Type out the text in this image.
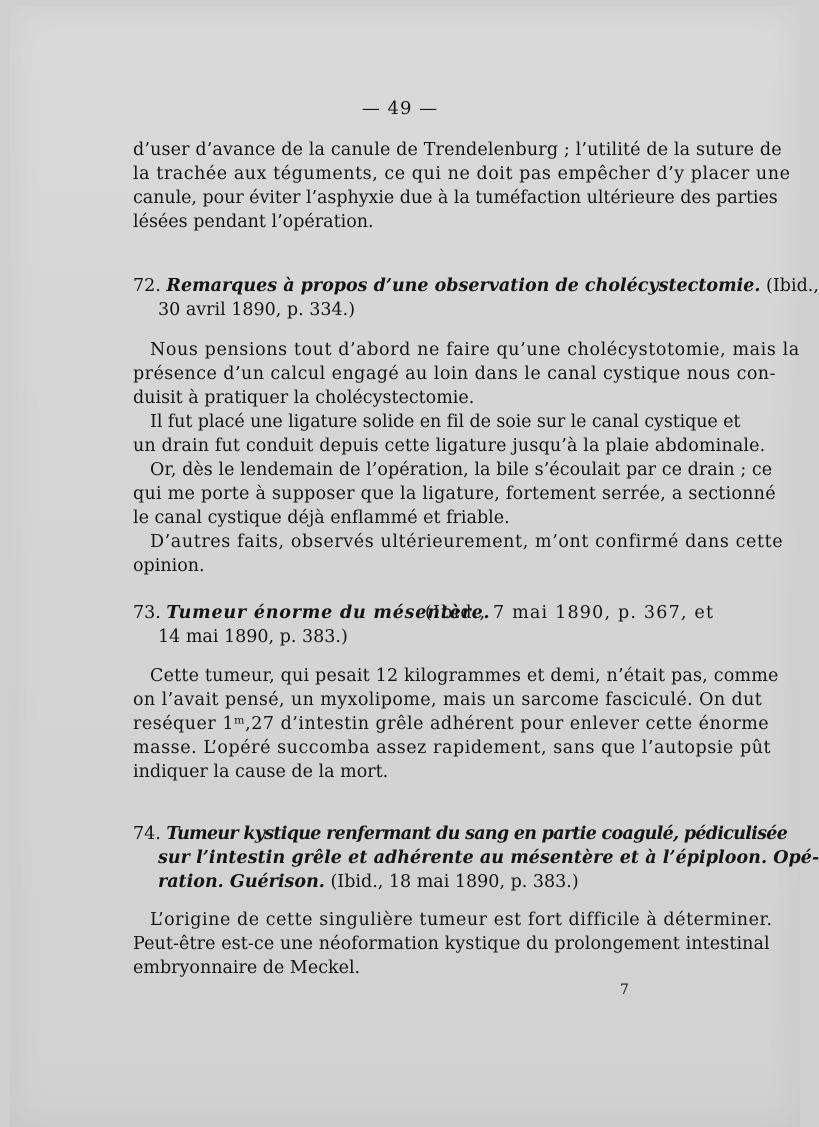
— 49 —
d’user d’avance de la canule de Trendelenburg ; l’utilité de la suture de
la trachée aux téguments, ce qui ne doit pas empêcher d’y placer une
canule, pour éviter l’asphyxie due à la tuméfaction ultérieure des parties
lésées pendant l’opération.
72. Remarques à propos d’une observation de cholécystectomie. (Ibid.,
30 avril 1890, p. 334.)
Nous pensions tout d’abord ne faire qu’une cholécystotomie, mais la
présence d’un calcul engagé au loin dans le canal cystique nous con-
duisit à pratiquer la cholécystectomie.
Il fut placé une ligature solide en fil de soie sur le canal cystique et
un drain fut conduit depuis cette ligature jusqu’à la plaie abdominale.
Or, dès le lendemain de l’opération, la bile s’écoulait par ce drain ; ce
qui me porte à supposer que la ligature, fortement serrée, a sectionné
le canal cystique déjà enflammé et friable.
D’autres faits, observés ultérieurement, m’ont confirmé dans cette
opinion.
73. Tumeur énorme du mésentère.
(Ibid., 7 mai 1890, p. 367, et
14 mai 1890, p. 383.)
Cette tumeur, qui pesait 12 kilogrammes et demi, n’était pas, comme
on l’avait pensé, un myxolipome, mais un sarcome fasciculé. On dut
reséquer 1ᵐ,27 d’intestin grêle adhérent pour enlever cette énorme
masse. L’opéré succomba assez rapidement, sans que l’autopsie pût
indiquer la cause de la mort.
74. Tumeur kystique renfermant du sang en partie coagulé, pédiculisée
sur l’intestin grêle et adhérente au mésentère et à l’épiploon. Opé-
ration. Guérison. (Ibid., 18 mai 1890, p. 383.)
L’origine de cette singulière tumeur est fort difficile à déterminer.
Peut-être est-ce une néoformation kystique du prolongement intestinal
embryonnaire de Meckel.
7
